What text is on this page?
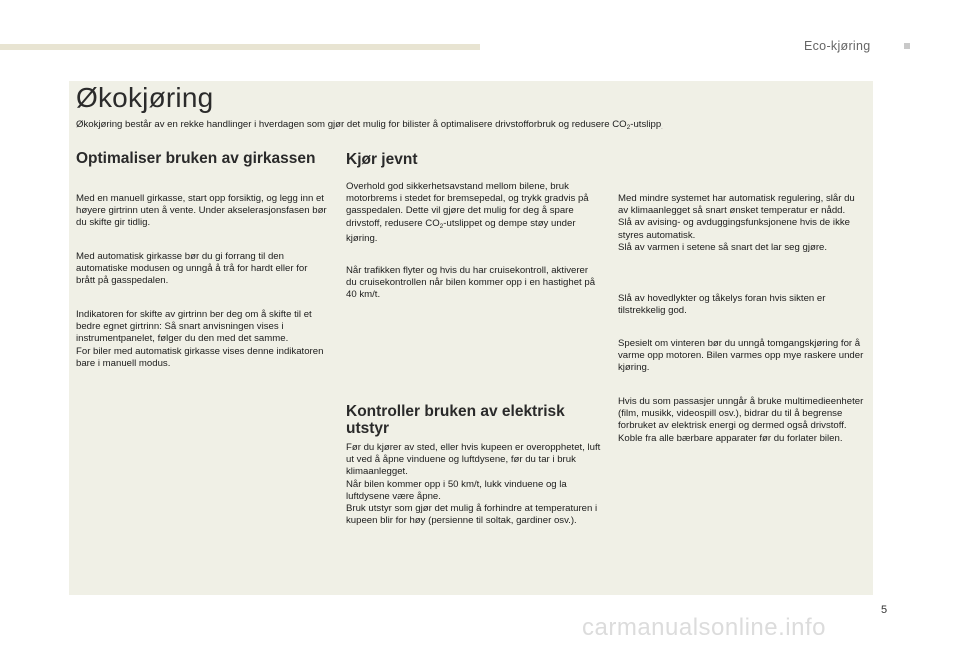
Eco-kjøring
Økokjøring
Økokjøring består av en rekke handlinger i hverdagen som gjør det mulig for bilister å optimalisere drivstofforbruk og redusere $CO_2-utslipp_.$
Optimaliser bruken av girkassen

Med en manuell girkasse, start opp forsiktig, og legg inn et høyere girtrinn uten å vente. Under akselerasjonsfasen bør du skifte gir tidlig.

Med automatisk girkasse bør du gi forrang til den automatiske modusen og unngå å trå for hardt eller for brått på gasspedalen.

Indikatoren for skifte av girtrinn ber deg om å skifte til et bedre egnet girtrinn: Så snart anvisningen vises i instrumentpanelet, følger du den med det samme.
For biler med automatisk girkasse vises denne indikatoren bare i manuell modus.

Kjør jevnt

Overhold god sikkerhetsavstand mellom bilene, bruk motorbrems i stedet for bremsepedal, og trykk gradvis på gasspedalen. Dette vil gjøre det mulig for deg å spare drivstoff, redusere $CO_2$-utslippet og dempe støy under kjøring.

Når trafikken flyter og hvis du har cruisekontroll, aktiverer du cruisekontrollen når bilen kommer opp i en hastighet på 40 km/t.

Kontroller bruken av elektrisk utstyr

Før du kjører av sted, eller hvis kupeen er overopphetet, luft ut ved å åpne vinduene og luftdysene, før du tar i bruk klimaanlegget.
Når bilen kommer opp i 50 km/t, lukk vinduene og la luftdysene være åpne.
Bruk utstyr som gjør det mulig å forhindre at temperaturen i kupeen blir for høy (persienne til soltak, gardiner osv.).

Med mindre systemet har automatisk regulering, slår du av klimaanlegget så snart ønsket temperatur er nådd.
Slå av avising- og avduggingsfunksjonene hvis de ikke styres automatisk.
Slå av varmen i setene så snart det lar seg gjøre.

Slå av hovedlykter og tåkelys foran hvis sikten er tilstrekkelig god.

Spesielt om vinteren bør du unngå tomgangskjøring for å varme opp motoren. Bilen varmes opp mye raskere under kjøring.

Hvis du som passasjer unngår å bruke multimedieenheter (film, musikk, videospill osv.), bidrar du til å begrense forbruket av elektrisk energi og dermed også drivstoff.
Koble fra alle bærbare apparater før du forlater bilen.

5
carmanualsonline.info
